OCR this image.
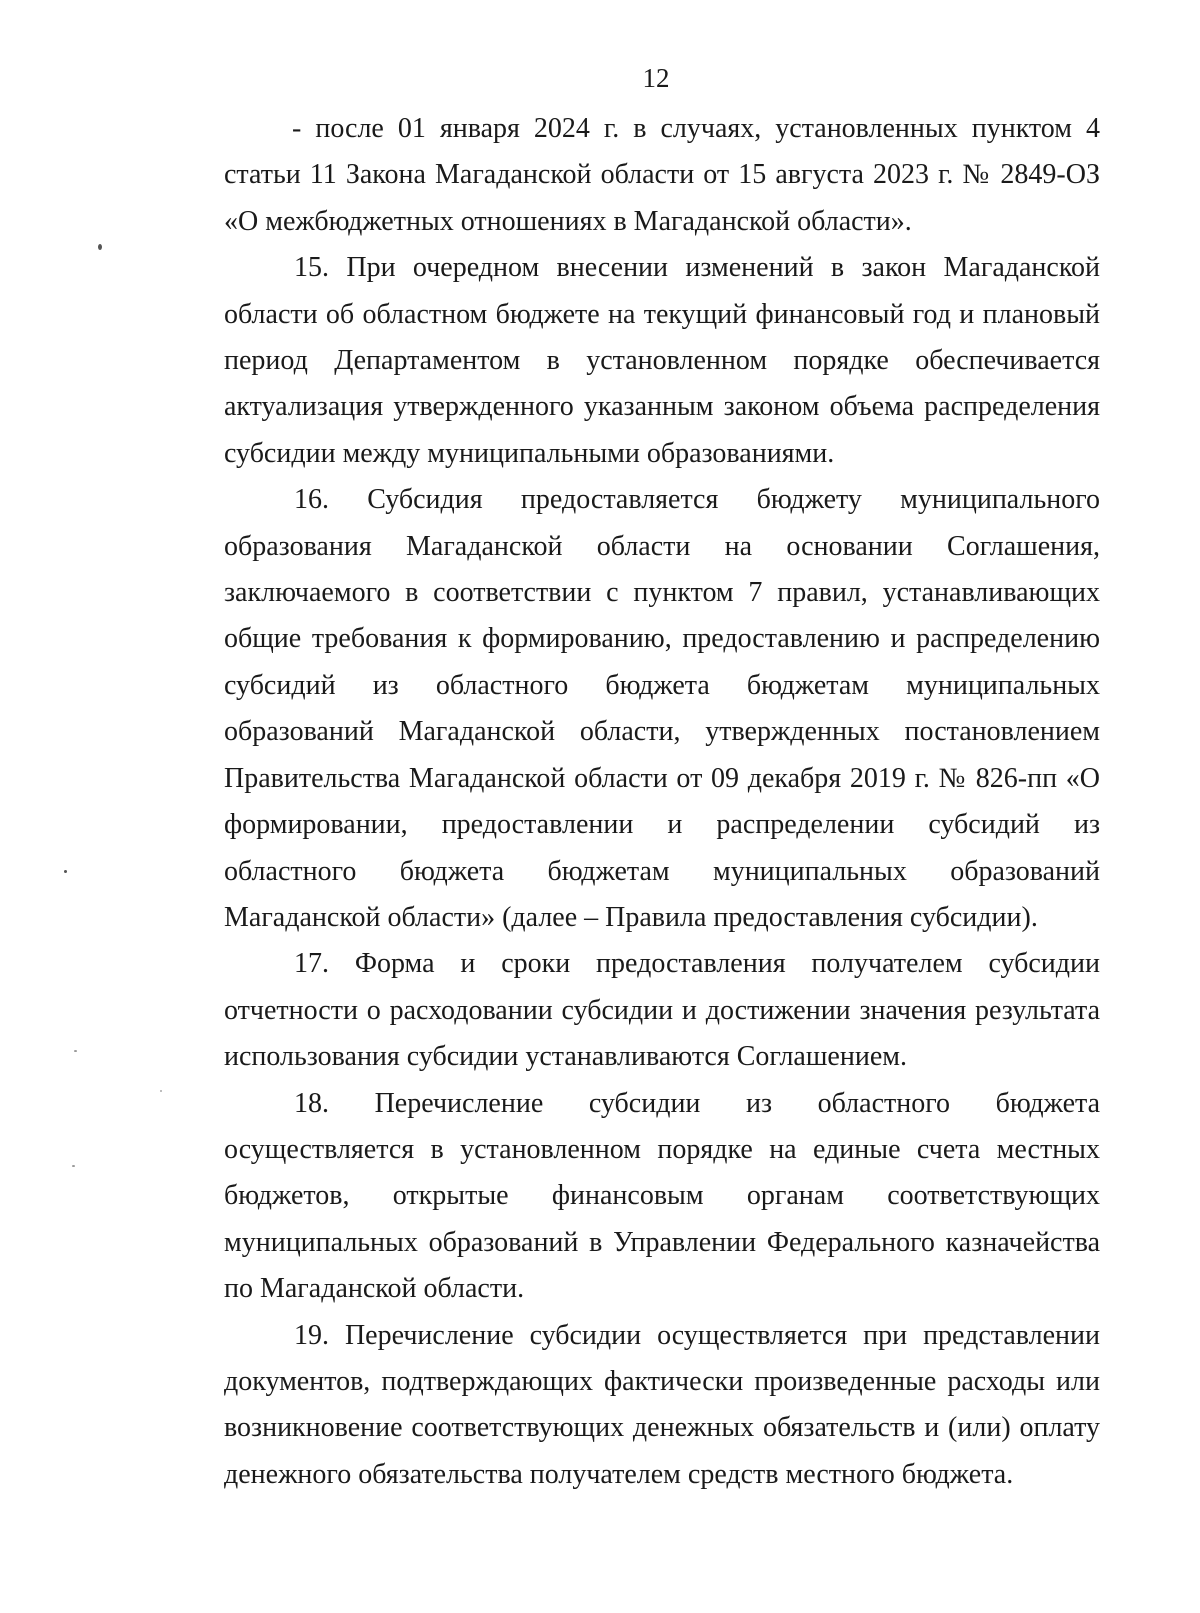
12

- после 01 января 2024 г. в случаях, установленных пунктом 4 статьи 11 Закона Магаданской области от 15 августа 2023 г. № 2849-ОЗ «О межбюджетных отношениях в Магаданской области».

15. При очередном внесении изменений в закон Магаданской области об областном бюджете на текущий финансовый год и плановый период Департаментом в установленном порядке обеспечивается актуализация утвержденного указанным законом объема распределения субсидии между муниципальными образованиями.

16. Субсидия предоставляется бюджету муниципального образования Магаданской области на основании Соглашения, заключаемого в соответствии с пунктом 7 правил, устанавливающих общие требования к формированию, предоставлению и распределению субсидий из областного бюджета бюджетам муниципальных образований Магаданской области, утвержденных постановлением Правительства Магаданской области от 09 декабря 2019 г. № 826-пп «О формировании, предоставлении и распределении субсидий из областного бюджета бюджетам муниципальных образований Магаданской области» (далее – Правила предоставления субсидии).

17. Форма и сроки предоставления получателем субсидии отчетности о расходовании субсидии и достижении значения результата использования субсидии устанавливаются Соглашением.

18. Перечисление субсидии из областного бюджета осуществляется в установленном порядке на единые счета местных бюджетов, открытые финансовым органам соответствующих муниципальных образований в Управлении Федерального казначейства по Магаданской области.

19. Перечисление субсидии осуществляется при представлении документов, подтверждающих фактически произведенные расходы или возникновение соответствующих денежных обязательств и (или) оплату денежного обязательства получателем средств местного бюджета.
